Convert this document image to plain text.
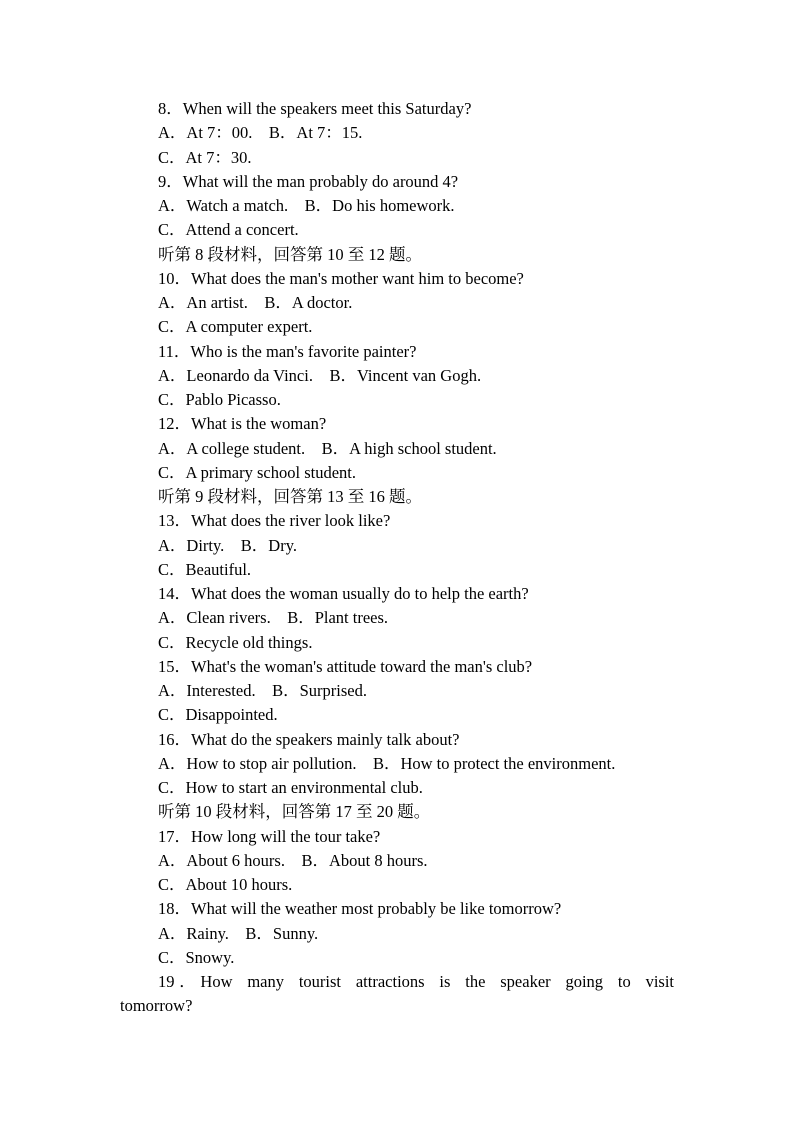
8．When will the speakers meet this Saturday?
A．At 7：00.    B．At 7：15.
C．At 7：30.
9．What will the man probably do around 4?
A．Watch a match.    B．Do his homework.
C．Attend a concert.
听第 8 段材料，回答第 10 至 12 题。
10．What does the man's mother want him to become?
A．An artist.    B．A doctor.
C．A computer expert.
11．Who is the man's favorite painter?
A．Leonardo da Vinci.    B．Vincent van Gogh.
C．Pablo Picasso.
12．What is the woman?
A．A college student.    B．A high school student.
C．A primary school student.
听第 9 段材料，回答第 13 至 16 题。
13．What does the river look like?
A．Dirty.    B．Dry.
C．Beautiful.
14．What does the woman usually do to help the earth?
A．Clean rivers.    B．Plant trees.
C．Recycle old things.
15．What's the woman's attitude toward the man's club?
A．Interested.    B．Surprised.
C．Disappointed.
16．What do the speakers mainly talk about?
A．How to stop air pollution.    B．How to protect the environment.
C．How to start an environmental club.
听第 10 段材料，回答第 17 至 20 题。
17．How long will the tour take?
A．About 6 hours.    B．About 8 hours.
C．About 10 hours.
18．What will the weather most probably be like tomorrow?
A．Rainy.    B．Sunny.
C．Snowy.
19．How many tourist attractions is the speaker going to visit tomorrow?
